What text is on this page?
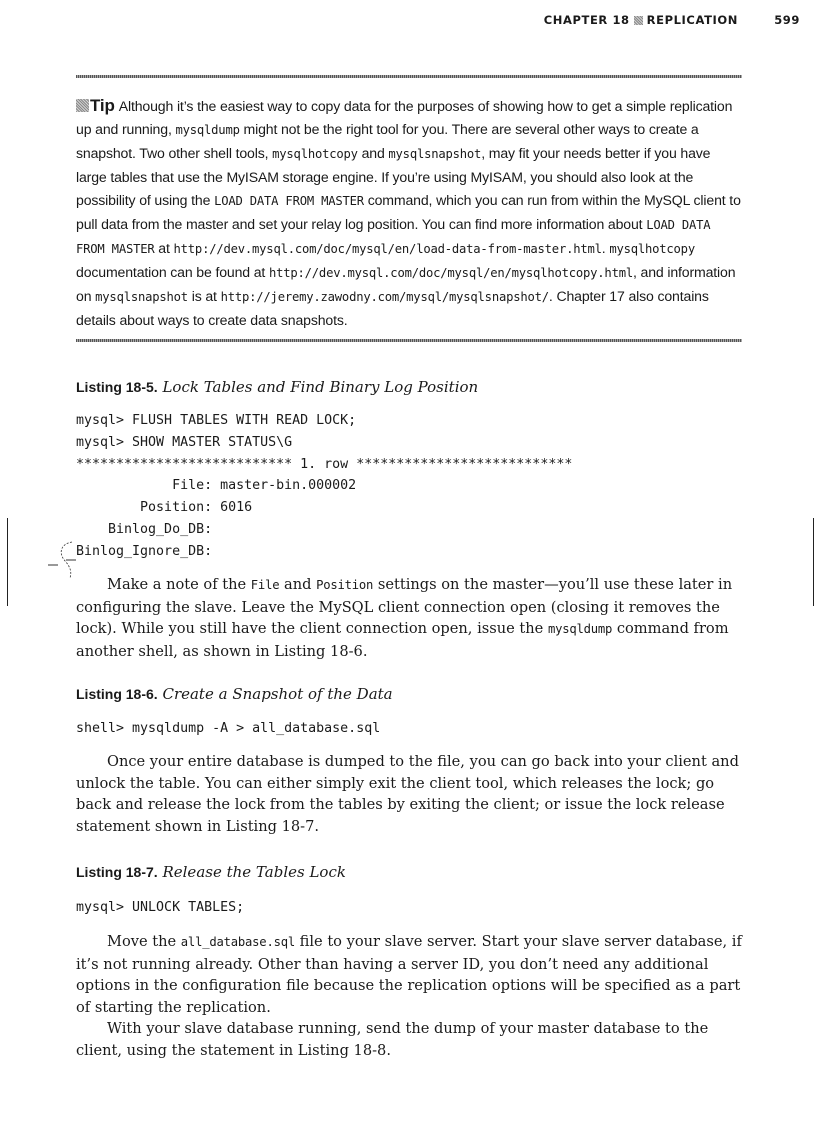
CHAPTER 18 REPLICATION	599
Tip Although it’s the easiest way to copy data for the purposes of showing how to get a simple replication up and running, mysqldump might not be the right tool for you. There are several other ways to create a snapshot. Two other shell tools, mysqlhotcopy and mysqlsnapshot, may fit your needs better if you have large tables that use the MyISAM storage engine. If you’re using MyISAM, you should also look at the possibility of using the LOAD DATA FROM MASTER command, which you can run from within the MySQL client to pull data from the master and set your relay log position. You can find more information about LOAD DATA FROM MASTER at http://dev.mysql.com/doc/mysql/en/load-data-from-master.html. mysqlhotcopy documentation can be found at http://dev.mysql.com/doc/mysql/en/mysqlhotcopy.html, and information on mysqlsnapshot is at http://jeremy.zawodny.com/mysql/mysqlsnapshot/. Chapter 17 also contains details about ways to create data snapshots.
Listing 18-5. Lock Tables and Find Binary Log Position
mysql> FLUSH TABLES WITH READ LOCK;
mysql> SHOW MASTER STATUS\G
*************************** 1. row ***************************
File: master-bin.000002
Position: 6016
Binlog_Do_DB:
Binlog_Ignore_DB:

Make a note of the File and Position settings on the master—you’ll use these later in configuring the slave. Leave the MySQL client connection open (closing it removes the lock). While you still have the client connection open, issue the mysqldump command from another shell, as shown in Listing 18-6.

Listing 18-6. Create a Snapshot of the Data
shell> mysqldump -A > all_database.sql

Once your entire database is dumped to the file, you can go back into your client and unlock the table. You can either simply exit the client tool, which releases the lock; go back and release the lock from the tables by exiting the client; or issue the lock release statement shown in Listing 18-7.

Listing 18-7. Release the Tables Lock
mysql> UNLOCK TABLES;

Move the all_database.sql file to your slave server. Start your slave server database, if it’s not running already. Other than having a server ID, you don’t need any additional options in the configuration file because the replication options will be specified as a part of starting the replication.

With your slave database running, send the dump of your master database to the client, using the statement in Listing 18-8.
